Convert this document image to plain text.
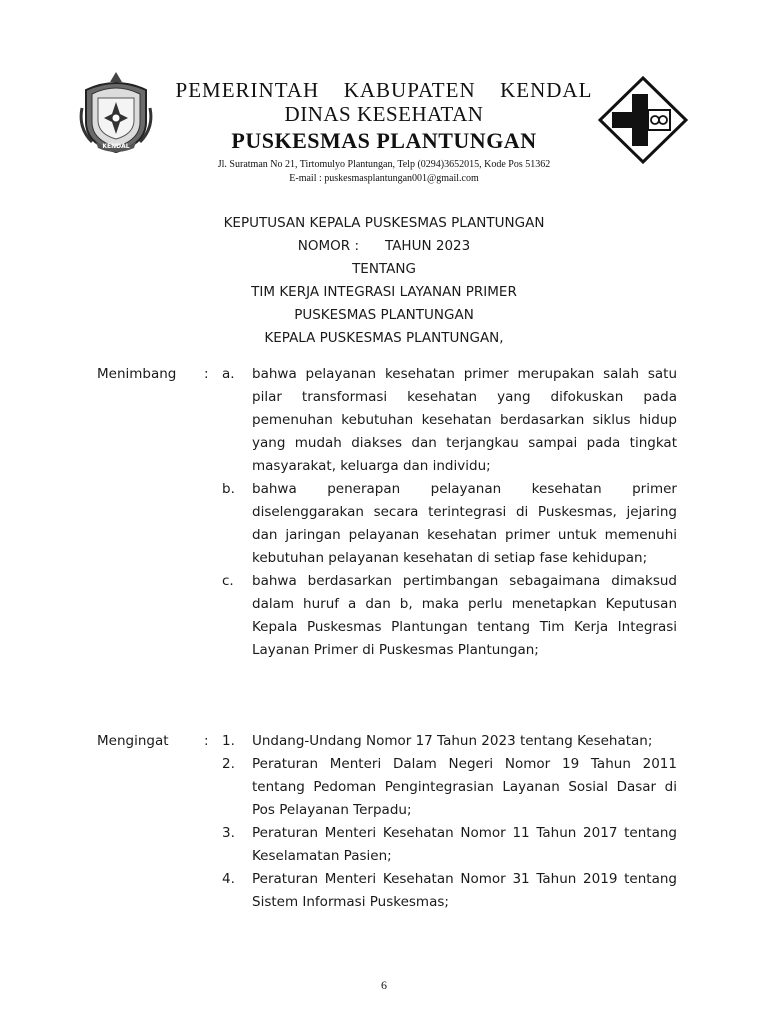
KENDAL
PEMERINTAH  KABUPATEN  KENDAL
DINAS KESEHATAN
PUSKESMAS PLANTUNGAN
Jl. Suratman No 21, Tirtomulyo Plantungan, Telp (0294)3652015, Kode Pos 51362
E-mail : puskesmasplantungan001@gmail.com
KEPUTUSAN KEPALA PUSKESMAS PLANTUNGAN
NOMOR : TAHUN 2023
TENTANG
TIM KERJA INTEGRASI LAYANAN PRIMER
PUSKESMAS PLANTUNGAN
KEPALA PUSKESMAS PLANTUNGAN,
Menimbang	: a. bahwa pelayanan kesehatan primer merupakan salah satu pilar transformasi kesehatan yang difokuskan pada pemenuhan kebutuhan kesehatan berdasarkan siklus hidup yang mudah diakses dan terjangkau sampai pada tingkat masyarakat, keluarga dan individu;
b. bahwa penerapan pelayanan kesehatan primer diselenggarakan secara terintegrasi di Puskesmas, jejaring dan jaringan pelayanan kesehatan primer untuk memenuhi kebutuhan pelayanan kesehatan di setiap fase kehidupan;
c. bahwa berdasarkan pertimbangan sebagaimana dimaksud dalam huruf a dan b, maka perlu menetapkan Keputusan Kepala Puskesmas Plantungan tentang Tim Kerja Integrasi Layanan Primer di Puskesmas Plantungan;
Mengingat	: 1. Undang-Undang Nomor 17 Tahun 2023 tentang Kesehatan;
2. Peraturan Menteri Dalam Negeri Nomor 19 Tahun 2011 tentang Pedoman Pengintegrasian Layanan Sosial Dasar di Pos Pelayanan Terpadu;
3. Peraturan Menteri Kesehatan Nomor 11 Tahun 2017 tentang Keselamatan Pasien;
4. Peraturan Menteri Kesehatan Nomor 31 Tahun 2019 tentang Sistem Informasi Puskesmas;
6
